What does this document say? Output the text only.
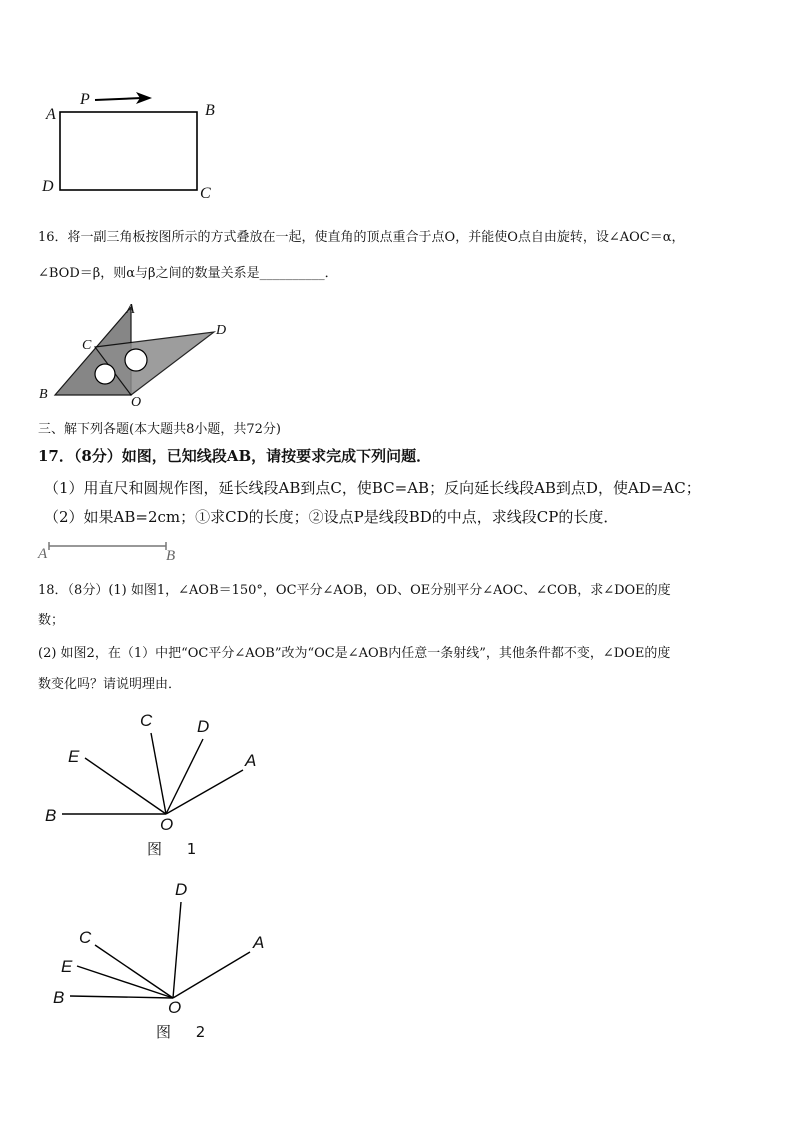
A
P
B
D	C
16．将一副三角板按图所示的方式叠放在一起，使直角的顶点重合于点O，并能使O点自由旋转，设∠AOC＝α，
∠BOD＝β，则α与β之间的数量关系是__________．
A
C
D
B
O
三、解下列各题(本大题共8小题，共72分)
17．（8分）如图，已知线段AB，请按要求完成下列问题．
（1）用直尺和圆规作图，延长线段AB到点C，使BC=AB；反向延长线段AB到点D，使AD=AC；
（2）如果AB=2cm；①求CD的长度；②设点P是线段BD的中点，求线段CP的长度．
A	B
18．（8分）(1) 如图1，∠AOB＝150°，OC平分∠AOB，OD、OE分别平分∠AOC、∠COB，求∠DOE的度
数；
(2) 如图2，在（1）中把“OC平分∠AOB”改为“OC是∠AOB内任意一条射线”，其他条件都不变，∠DOE的度
数变化吗？请说明理由．
C	D
E	A
B	O
图 1
D
C	A
E
B
O
图 2
